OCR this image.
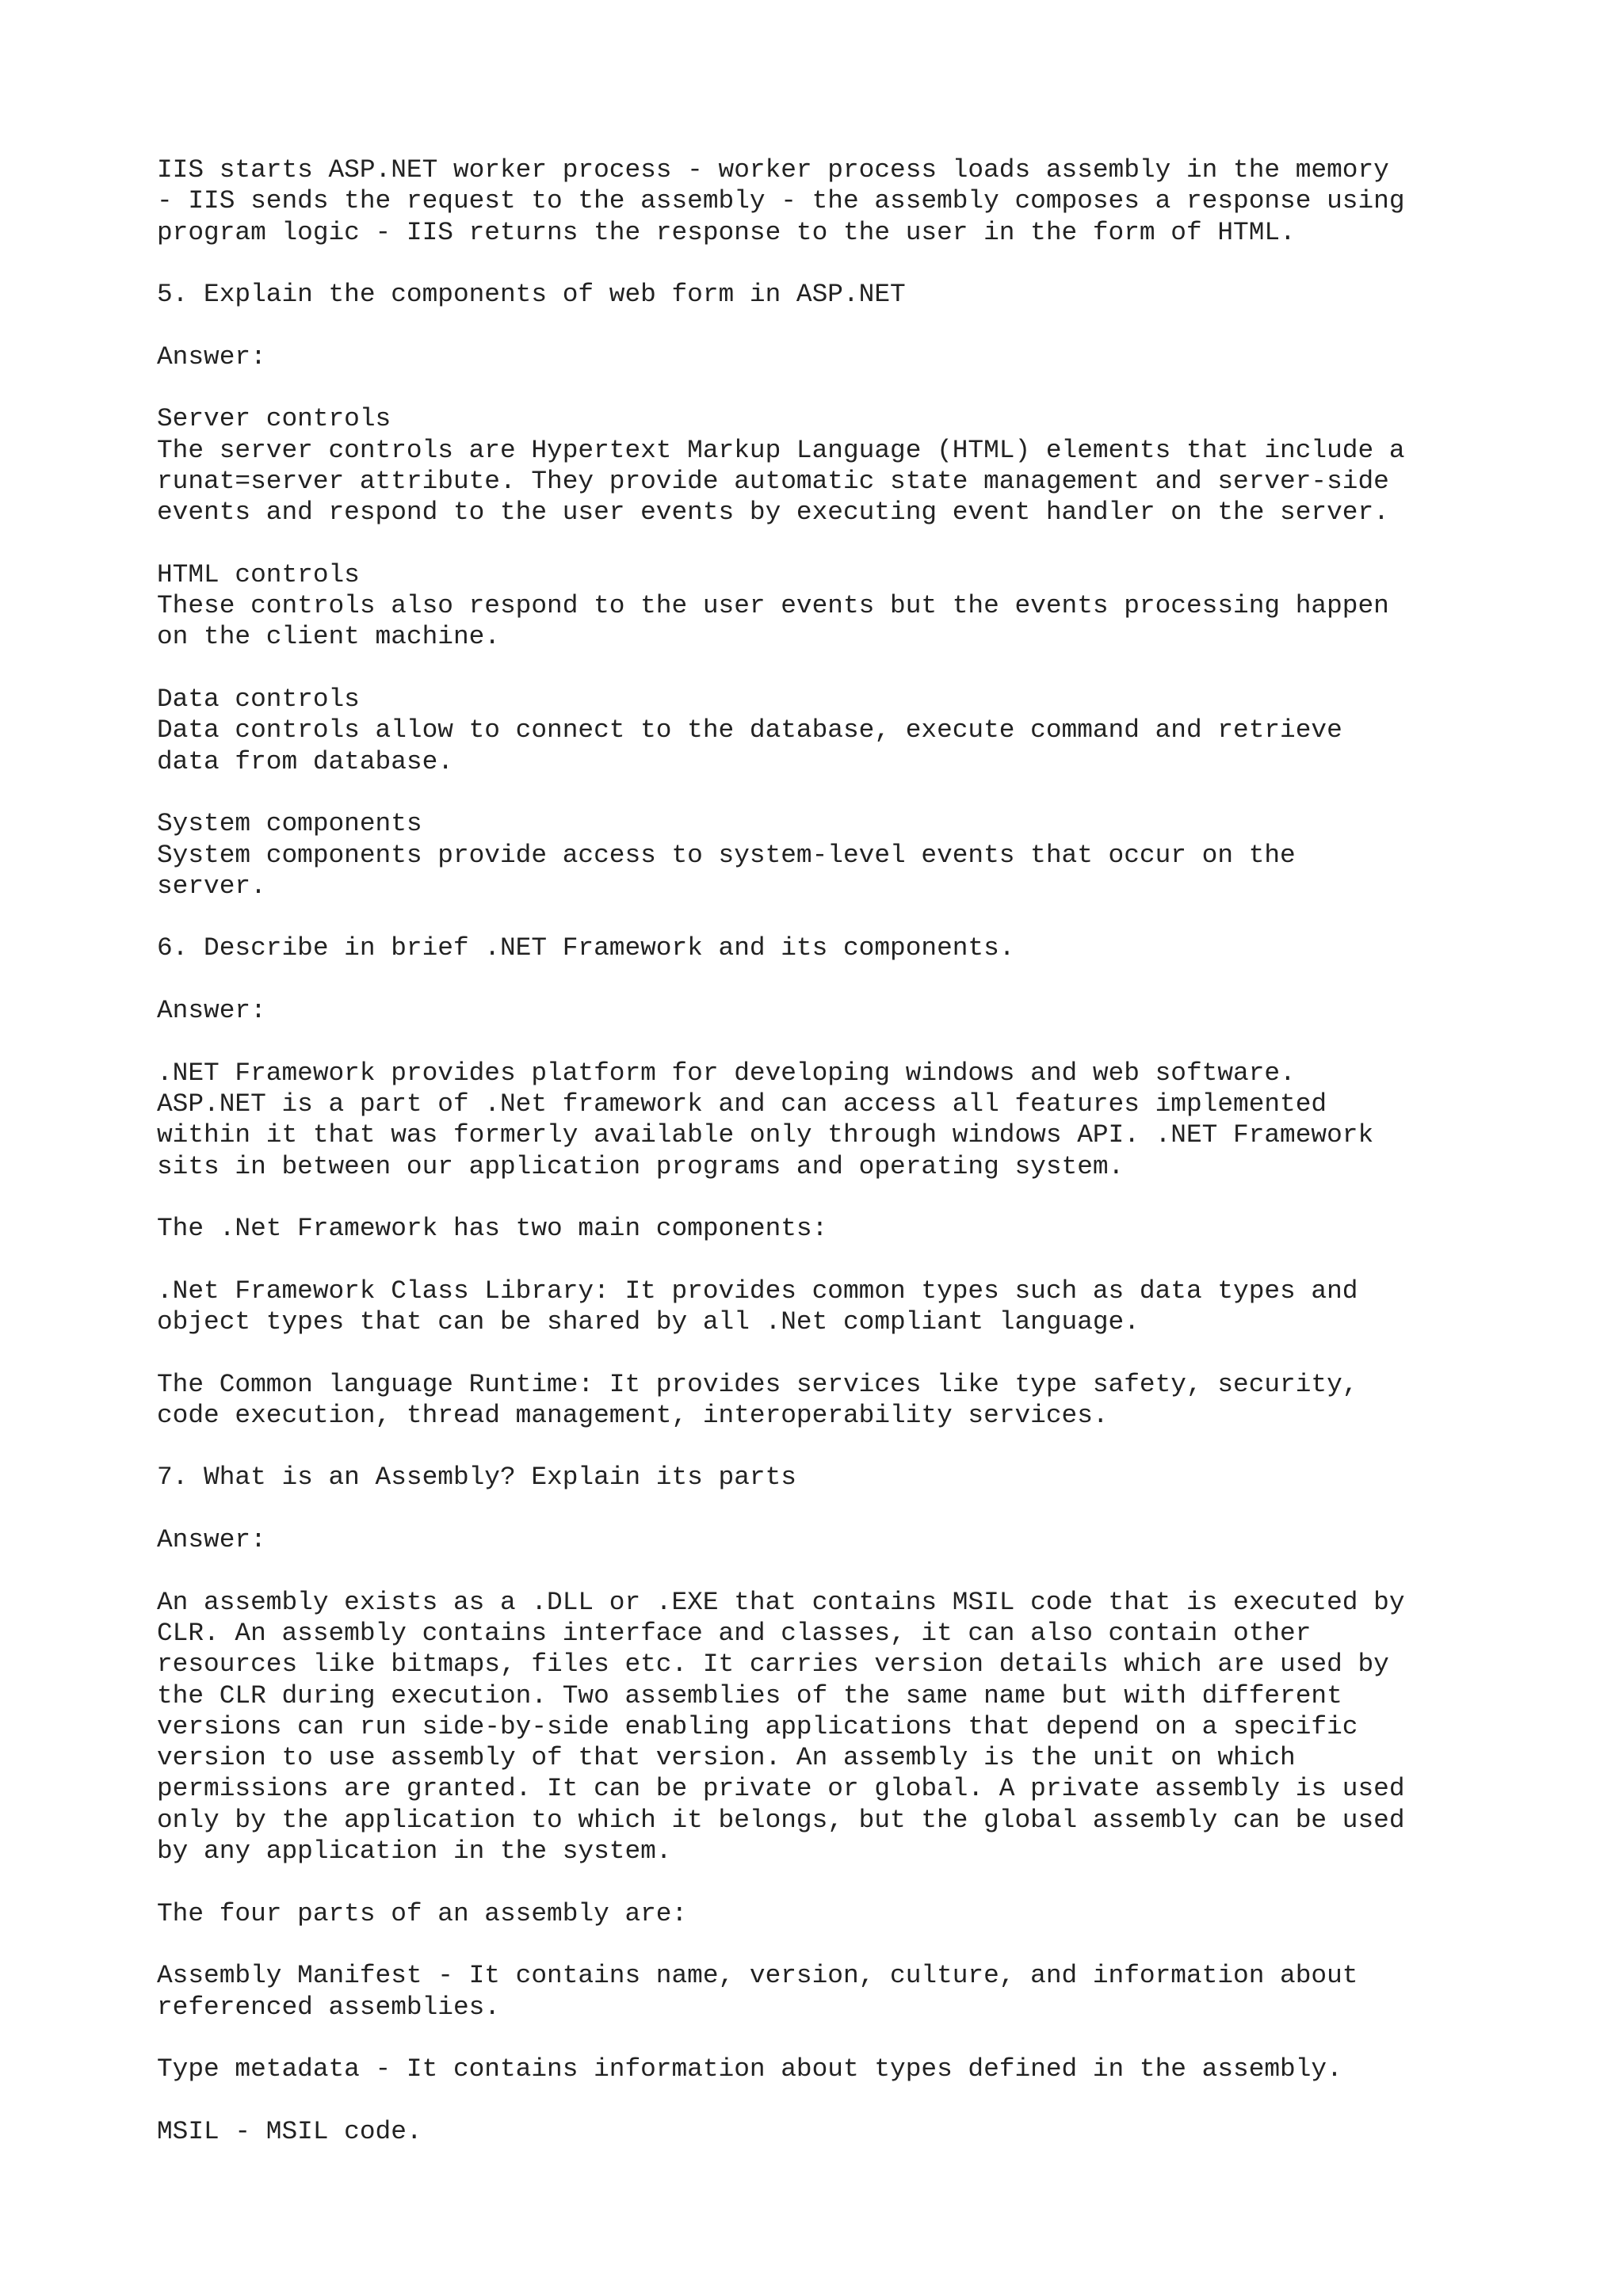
IIS starts ASP.NET worker process - worker process loads assembly in the memory
- IIS sends the request to the assembly - the assembly composes a response using
program logic - IIS returns the response to the user in the form of HTML.
5. Explain the components of web form in ASP.NET
Answer:
Server controls
The server controls are Hypertext Markup Language (HTML) elements that include a
runat=server attribute. They provide automatic state management and server-side
events and respond to the user events by executing event handler on the server.
HTML controls
These controls also respond to the user events but the events processing happen
on the client machine.
Data controls
Data controls allow to connect to the database, execute command and retrieve
data from database.
System components
System components provide access to system-level events that occur on the
server.
6. Describe in brief .NET Framework and its components.
Answer:
.NET Framework provides platform for developing windows and web software.
ASP.NET is a part of .Net framework and can access all features implemented
within it that was formerly available only through windows API. .NET Framework
sits in between our application programs and operating system.
The .Net Framework has two main components:
.Net Framework Class Library: It provides common types such as data types and
object types that can be shared by all .Net compliant language.
The Common language Runtime: It provides services like type safety, security,
code execution, thread management, interoperability services.
7. What is an Assembly? Explain its parts
Answer:
An assembly exists as a .DLL or .EXE that contains MSIL code that is executed by
CLR. An assembly contains interface and classes, it can also contain other
resources like bitmaps, files etc. It carries version details which are used by
the CLR during execution. Two assemblies of the same name but with different
versions can run side-by-side enabling applications that depend on a specific
version to use assembly of that version. An assembly is the unit on which
permissions are granted. It can be private or global. A private assembly is used
only by the application to which it belongs, but the global assembly can be used
by any application in the system.
The four parts of an assembly are:
Assembly Manifest - It contains name, version, culture, and information about
referenced assemblies.
Type metadata - It contains information about types defined in the assembly.
MSIL - MSIL code.
